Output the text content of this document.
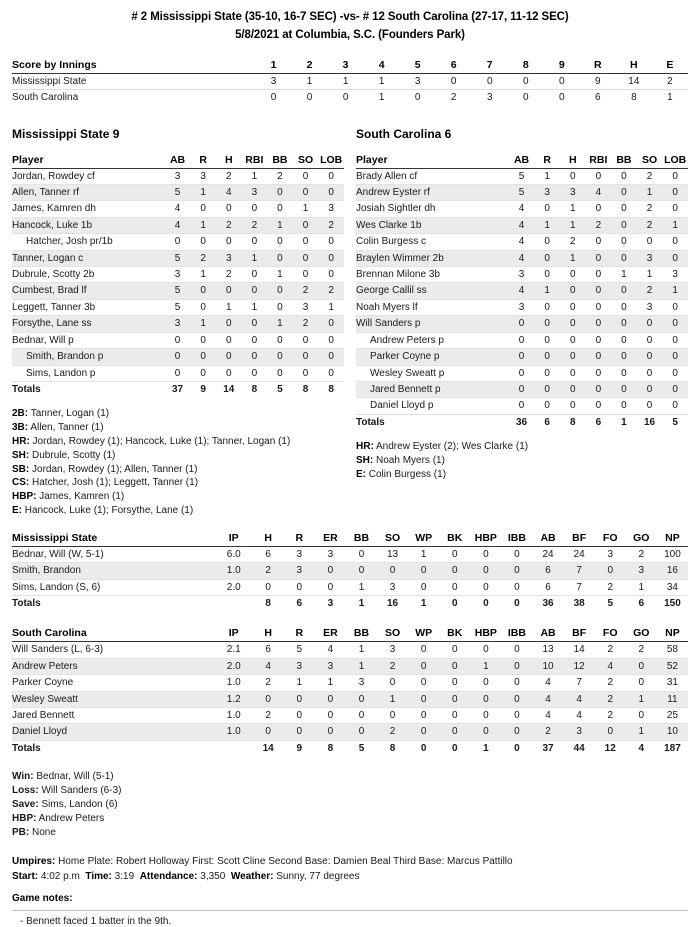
# 2 Mississippi State (35-10, 16-7 SEC) -vs- # 12 South Carolina (27-17, 11-12 SEC)
5/8/2021 at Columbia, S.C. (Founders Park)
Score by Innings	1	2	3	4	5	6	7	8	9	R	H	E
Mississippi State	3	1	1	1	3	0	0	0	0	9	14	2
South Carolina	0	0	0	1	0	2	3	0	0	6	8	1
Mississippi State 9
Player	AB	R	H	RBI	BB	SO	LOB
Jordan, Rowdey cf	3	3	2	1	2	0	0
Allen, Tanner rf	5	1	4	3	0	0	0
James, Kamren dh	4	0	0	0	0	1	3
Hancock, Luke 1b	4	1	2	2	1	0	2
Hatcher, Josh pr/1b	0	0	0	0	0	0	0
Tanner, Logan c	5	2	3	1	0	0	0
Dubrule, Scotty 2b	3	1	2	0	1	0	0
Cumbest, Brad lf	5	0	0	0	0	2	2
Leggett, Tanner 3b	5	0	1	1	0	3	1
Forsythe, Lane ss	3	1	0	0	1	2	0
Bednar, Will p	0	0	0	0	0	0	0
Smith, Brandon p	0	0	0	0	0	0	0
Sims, Landon p	0	0	0	0	0	0	0
Totals	37	9	14	8	5	8	8
2B: Tanner, Logan (1)
3B: Allen, Tanner (1)
HR: Jordan, Rowdey (1); Hancock, Luke (1); Tanner, Logan (1)
SH: Dubrule, Scotty (1)
SB: Jordan, Rowdey (1); Allen, Tanner (1)
CS: Hatcher, Josh (1); Leggett, Tanner (1)
HBP: James, Kamren (1)
E: Hancock, Luke (1); Forsythe, Lane (1)
South Carolina 6
Player	AB	R	H	RBI	BB	SO	LOB
Brady Allen cf	5	1	0	0	0	2	0
Andrew Eyster rf	5	3	3	4	0	1	0
Josiah Sightler dh	4	0	1	0	0	2	0
Wes Clarke 1b	4	1	1	2	0	2	1
Colin Burgess c	4	0	2	0	0	0	0
Braylen Wimmer 2b	4	0	1	0	0	3	0
Brennan Milone 3b	3	0	0	0	1	1	3
George Callil ss	4	1	0	0	0	2	1
Noah Myers lf	3	0	0	0	0	3	0
Will Sanders p	0	0	0	0	0	0	0
Andrew Peters p	0	0	0	0	0	0	0
Parker Coyne p	0	0	0	0	0	0	0
Wesley Sweatt p	0	0	0	0	0	0	0
Jared Bennett p	0	0	0	0	0	0	0
Daniel Lloyd p	0	0	0	0	0	0	0
Totals	36	6	8	6	1	16	5
HR: Andrew Eyster (2); Wes Clarke (1)
SH: Noah Myers (1)
E: Colin Burgess (1)
Mississippi State	IP	H	R	ER	BB	SO	WP	BK	HBP	IBB	AB	BF	FO	GO	NP
Bednar, Will (W, 5-1)	6.0	6	3	3	0	13	1	0	0	0	24	24	3	2	100
Smith, Brandon	1.0	2	3	0	0	0	0	0	0	0	6	7	0	3	16
Sims, Landon (S, 6)	2.0	0	0	0	1	3	0	0	0	0	6	7	2	1	34
Totals		8	6	3	1	16	1	0	0	0	36	38	5	6	150
South Carolina	IP	H	R	ER	BB	SO	WP	BK	HBP	IBB	AB	BF	FO	GO	NP
Will Sanders (L, 6-3)	2.1	6	5	4	1	3	0	0	0	0	13	14	2	2	58
Andrew Peters	2.0	4	3	3	1	2	0	0	1	0	10	12	4	0	52
Parker Coyne	1.0	2	1	1	3	0	0	0	0	0	4	7	2	0	31
Wesley Sweatt	1.2	0	0	0	0	1	0	0	0	0	4	4	2	1	11
Jared Bennett	1.0	2	0	0	0	0	0	0	0	0	4	4	2	0	25
Daniel Lloyd	1.0	0	0	0	0	2	0	0	0	0	2	3	0	1	10
Totals		14	9	8	5	8	0	0	1	0	37	44	12	4	187
Win: Bednar, Will (5-1)
Loss: Will Sanders (6-3)
Save: Sims, Landon (6)
HBP: Andrew Peters
PB: None
Umpires: Home Plate: Robert Holloway First: Scott Cline Second Base: Damien Beal Third Base: Marcus Pattillo
Start: 4:02 p.m Time: 3:19 Attendance: 3,350 Weather: Sunny, 77 degrees
Game notes:
- Bennett faced 1 batter in the 9th.
